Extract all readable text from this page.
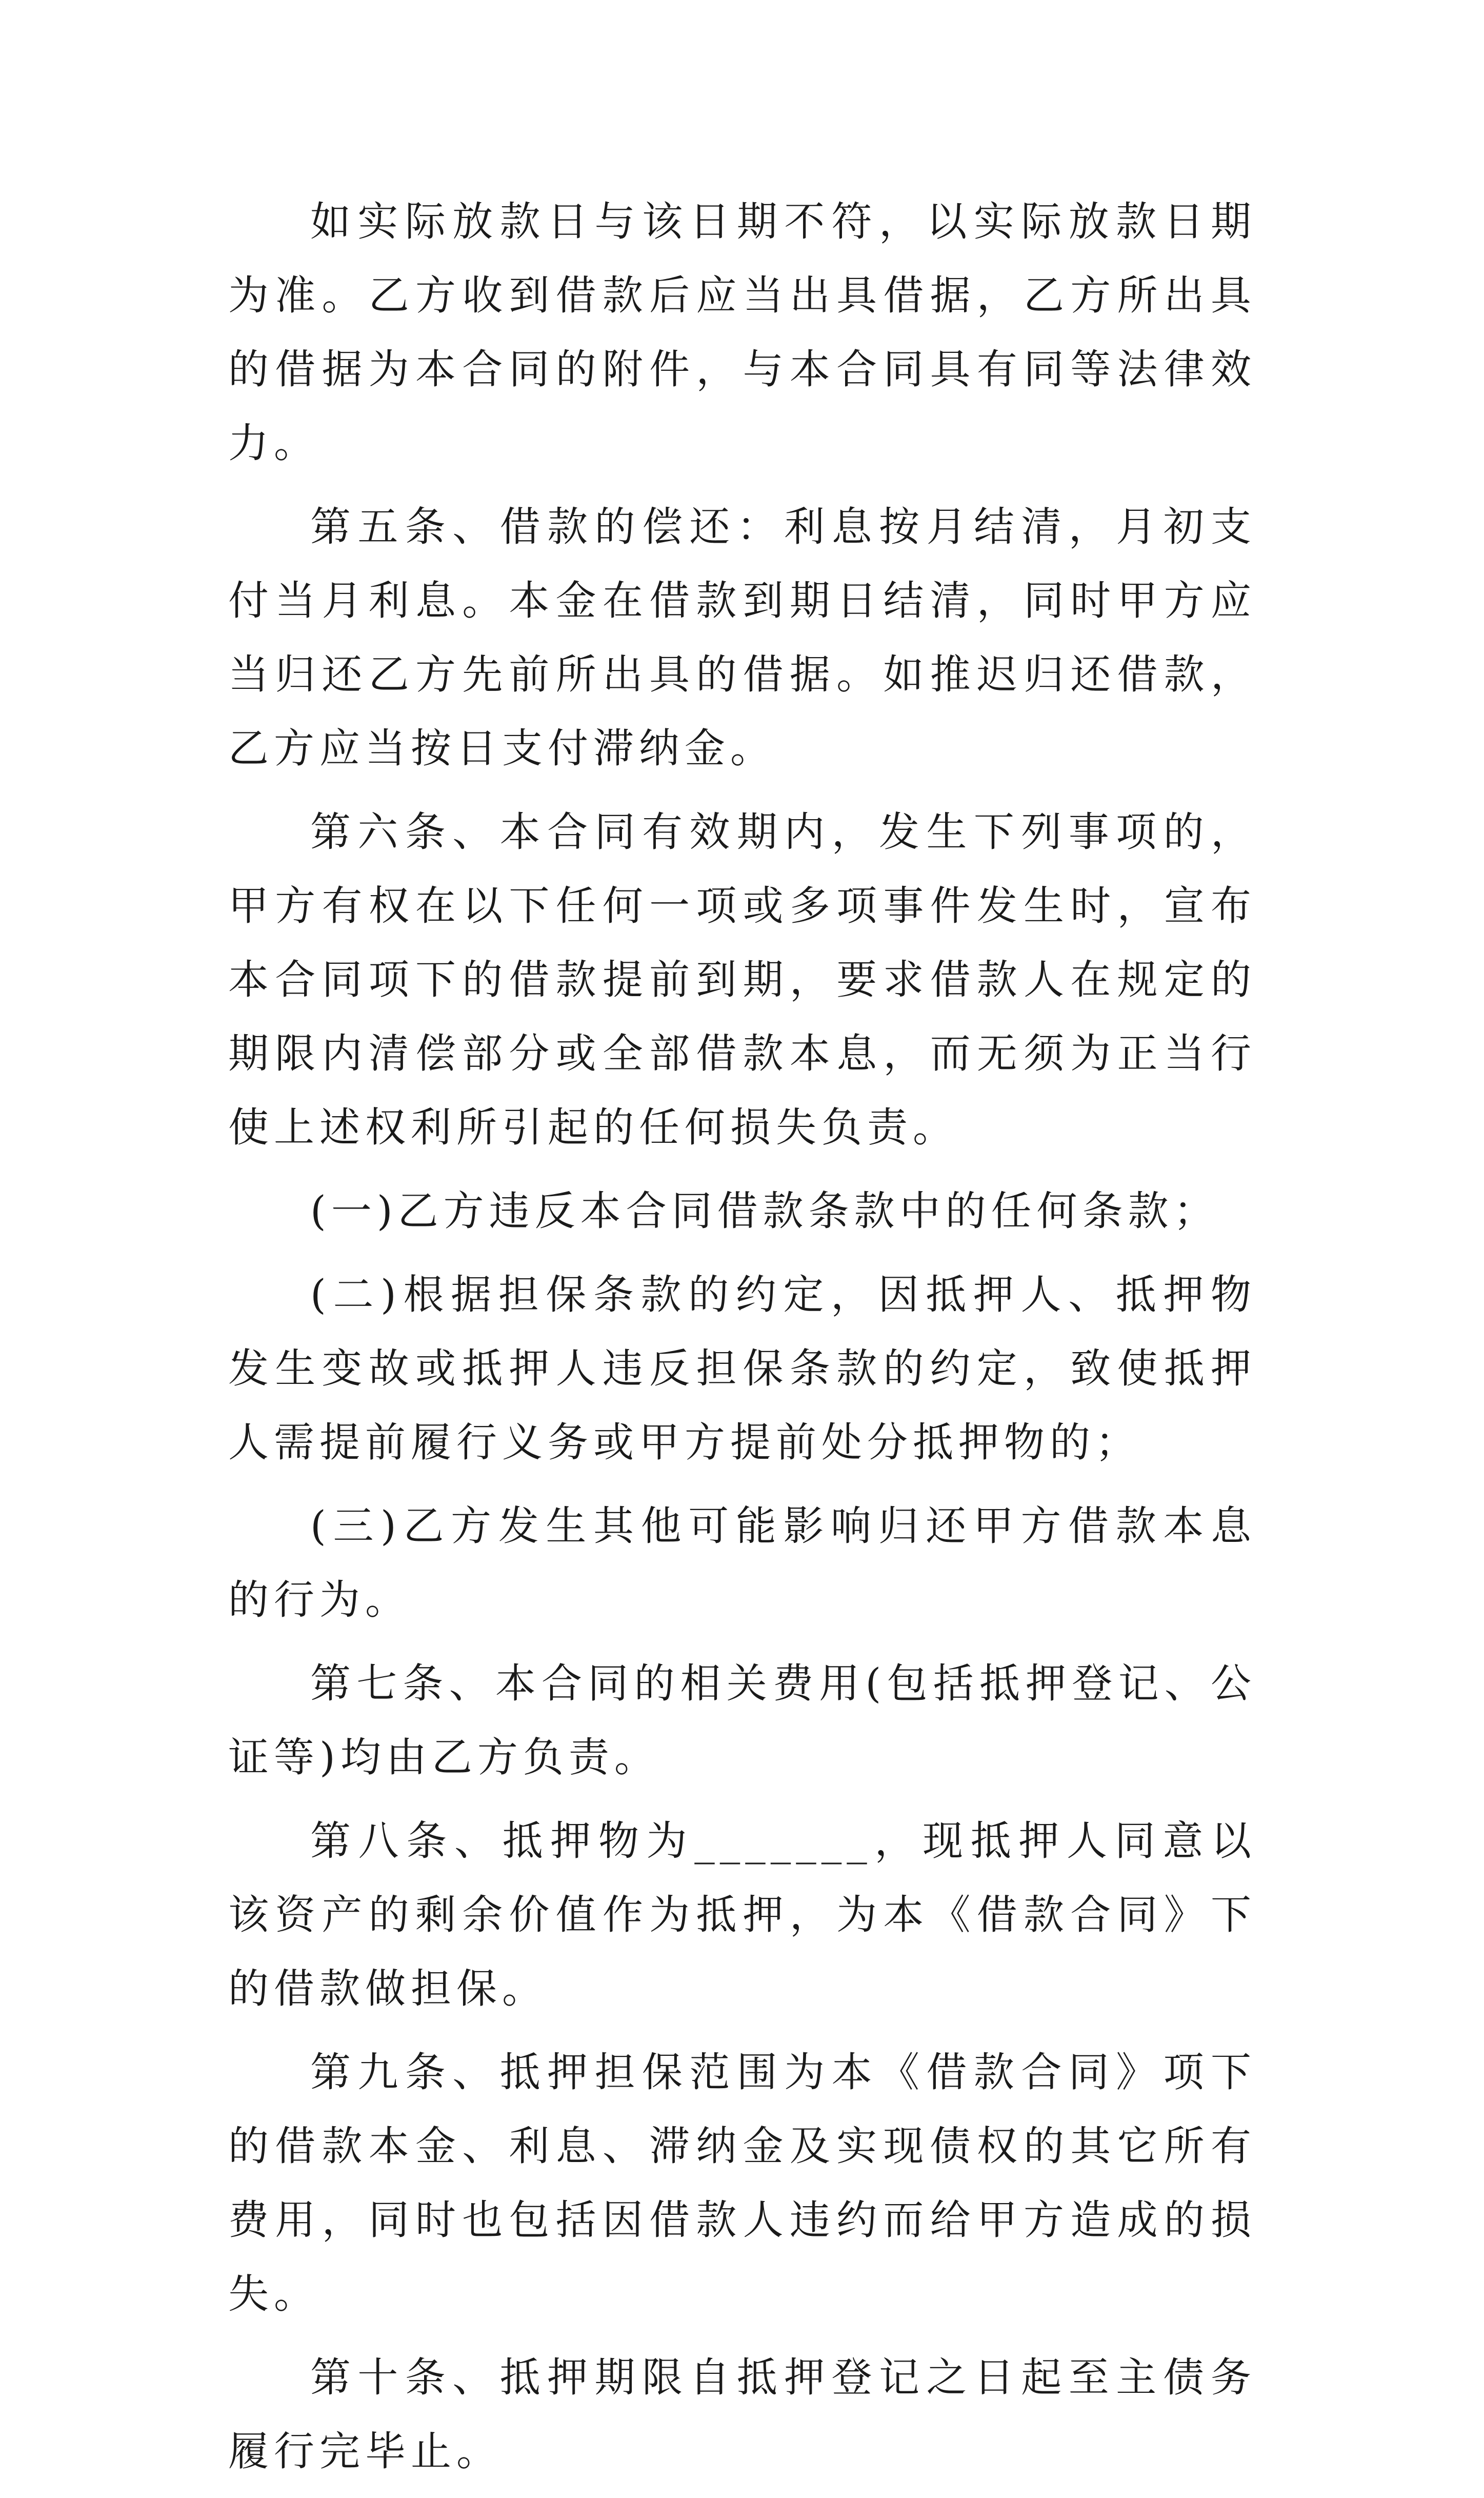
如实际放款日与该日期不符，以实际放款日期为准。乙方收到借款后应当出具借据，乙方所出具的借据为本合同的附件，与本合同具有同等法律效力。

第五条、借款的偿还：利息按月结清，月初支付当月利息。本金在借款到期日结清，同时甲方应当归还乙方先前所出具的借据。如推迟归还借款，乙方应当按日支付滞纳金。

第六条、本合同有效期内，发生下列事项的，甲方有权在以下任何一项或多项事件发生时，宣布本合同项下的借款提前到期，要求借款人在规定的期限内清偿部分或全部借款本息，而无须为正当行使上述权利所引起的任何损失负责。

(一)乙方违反本合同借款条款中的任何条款；

(二)根据担保条款的约定，因抵押人、抵押物发生变故或抵押人违反担保条款的约定，致使抵押人需提前履行义务或甲方提前处分抵押物的；

(三)乙方发生其他可能影响归还甲方借款本息的行为。

第七条、本合同的相关费用(包括抵押登记、公证等)均由乙方负责。

第八条、抵押物为_______，现抵押人同意以该资产的剩余价值作为抵押，为本《借款合同》下的借款做担保。

第九条、抵押担保范围为本《借款合同》项下的借款本金、利息、滞纳金及实现债权的其它所有费用，同时也包括因借款人违约而给甲方造成的损失。

第十条、抵押期限自抵押登记之日起至主债务履行完毕止。
